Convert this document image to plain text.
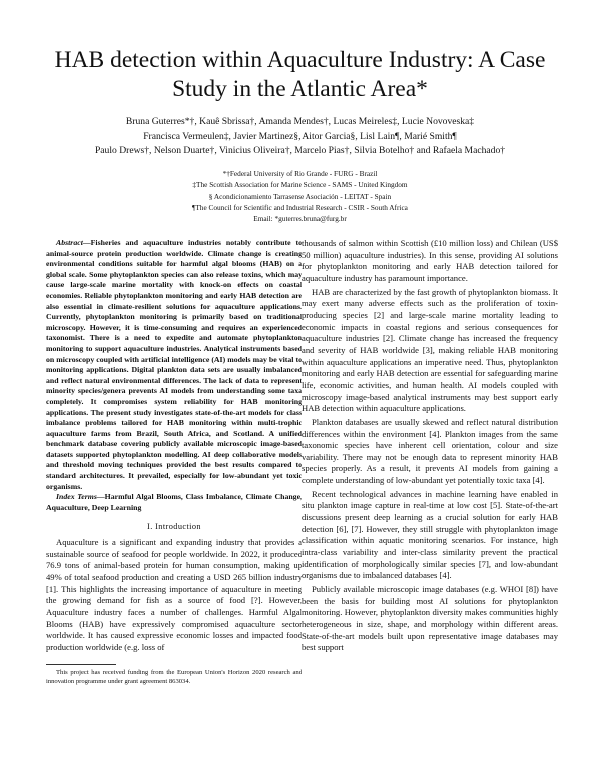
HAB detection within Aquaculture Industry: A Case Study in the Atlantic Area*
Bruna Guterres*†, Kauê Sbrissa†, Amanda Mendes†, Lucas Meireles‡, Lucie Novoveska‡
Francisca Vermeulen‡, Javier Martinez§, Aitor Garcia§, Lisl Lain¶, Marié Smith¶
Paulo Drews†, Nelson Duarte†, Vinicius Oliveira†, Marcelo Pias†, Silvia Botelho† and Rafaela Machado†
*†Federal University of Rio Grande - FURG - Brazil
‡The Scottish Association for Marine Science - SAMS - United Kingdom
§ Acondicionamiento Tarrasense Asociación - LEITAT - Spain
¶The Council for Scientific and Industrial Research - CSIR - South Africa
Email: *guterres.bruna@furg.br

Abstract—Fisheries and aquaculture industries notably contribute to animal-source protein production worldwide. Climate change is creating environmental conditions suitable for harmful algal blooms (HAB) on a global scale. Some phytoplankton species can also release toxins, which may cause large-scale marine mortality with knock-on effects on coastal economies. Reliable phytoplankton monitoring and early HAB detection are also essential in climate-resilient solutions for aquaculture applications. Currently, phytoplankton monitoring is primarily based on traditional microscopy. However, it is time-consuming and requires an experienced taxonomist. There is a need to expedite and automate phytoplankton monitoring to support aquaculture industries. Analytical instruments based on microscopy coupled with artificial intelligence (AI) models may be vital to monitoring applications. Digital plankton data sets are usually imbalanced and reflect natural environmental differences. The lack of data to represent minority species/genera prevents AI models from understanding some taxa completely. It compromises system reliability for HAB monitoring applications. The present study investigates state-of-the-art models for class imbalance problems tailored for HAB monitoring within multi-trophic aquaculture farms from Brazil, South Africa, and Scotland. A unified benchmark database covering publicly available microscopic image-based datasets supported phytoplankton modelling. AI deep collaborative models and threshold moving techniques provided the best results compared to standard architectures. It prevailed, especially for low-abundant yet toxic organisms.

Index Terms—Harmful Algal Blooms, Class Imbalance, Climate Change, Aquaculture, Deep Learning

I. Introduction

Aquaculture is a significant and expanding industry that provides a sustainable source of seafood for people worldwide. In 2022, it produced 76.9 tons of animal-based protein for human consumption, making up 49% of total seafood production and creating a USD 265 billion industry [1]. This highlights the increasing importance of aquaculture in meeting the growing demand for fish as a source of food [?]. However, Aquaculture industry faces a number of challenges. Harmful Algal Blooms (HAB) have expressively compromised aquaculture sector worldwide. It has caused expressive economic losses and impacted food production worldwide (e.g. loss of

This project has received funding from the European Union's Horizon 2020 research and innovation programme under grant agreement 863034.

thousands of salmon within Scottish (£10 million loss) and Chilean (US$ 50 million) aquaculture industries). In this sense, providing AI solutions for phytoplankton monitoring and early HAB detection tailored for aquaculture industry has paramount importance.

HAB are characterized by the fast growth of phytoplankton biomass. It may exert many adverse effects such as the proliferation of toxin-producing species [2] and large-scale marine mortality leading to economic impacts in coastal regions and serious consequences for aquaculture industries [2]. Climate change has increased the frequency and severity of HAB worldwide [3], making reliable HAB monitoring within aquaculture applications an imperative need. Thus, phytoplankton monitoring and early HAB detection are essential for safeguarding marine life, economic activities, and human health. AI models coupled with microscopy image-based analytical instruments may best support early HAB detection within aquaculture applications.

Plankton databases are usually skewed and reflect natural distribution differences within the environment [4]. Plankton images from the same taxonomic species have inherent cell orientation, colour and size variability. There may not be enough data to represent minority HAB species properly. As a result, it prevents AI models from gaining a complete understanding of low-abundant yet potentially toxic taxa [4].

Recent technological advances in machine learning have enabled in situ plankton image capture in real-time at low cost [5]. State-of-the-art discussions present deep learning as a crucial solution for early HAB detection [6], [7]. However, they still struggle with phytoplankton image classification within aquatic monitoring scenarios. For instance, high intra-class variability and inter-class similarity prevent the practical identification of morphologically similar species [7], and low-abundant organisms due to imbalanced databases [4].

Publicly available microscopic image databases (e.g. WHOI [8]) have been the basis for building most AI solutions for phytoplankton monitoring. However, phytoplankton diversity makes communities highly heterogeneous in size, shape, and morphology within different areas. State-of-the-art models built upon representative image databases may best support
